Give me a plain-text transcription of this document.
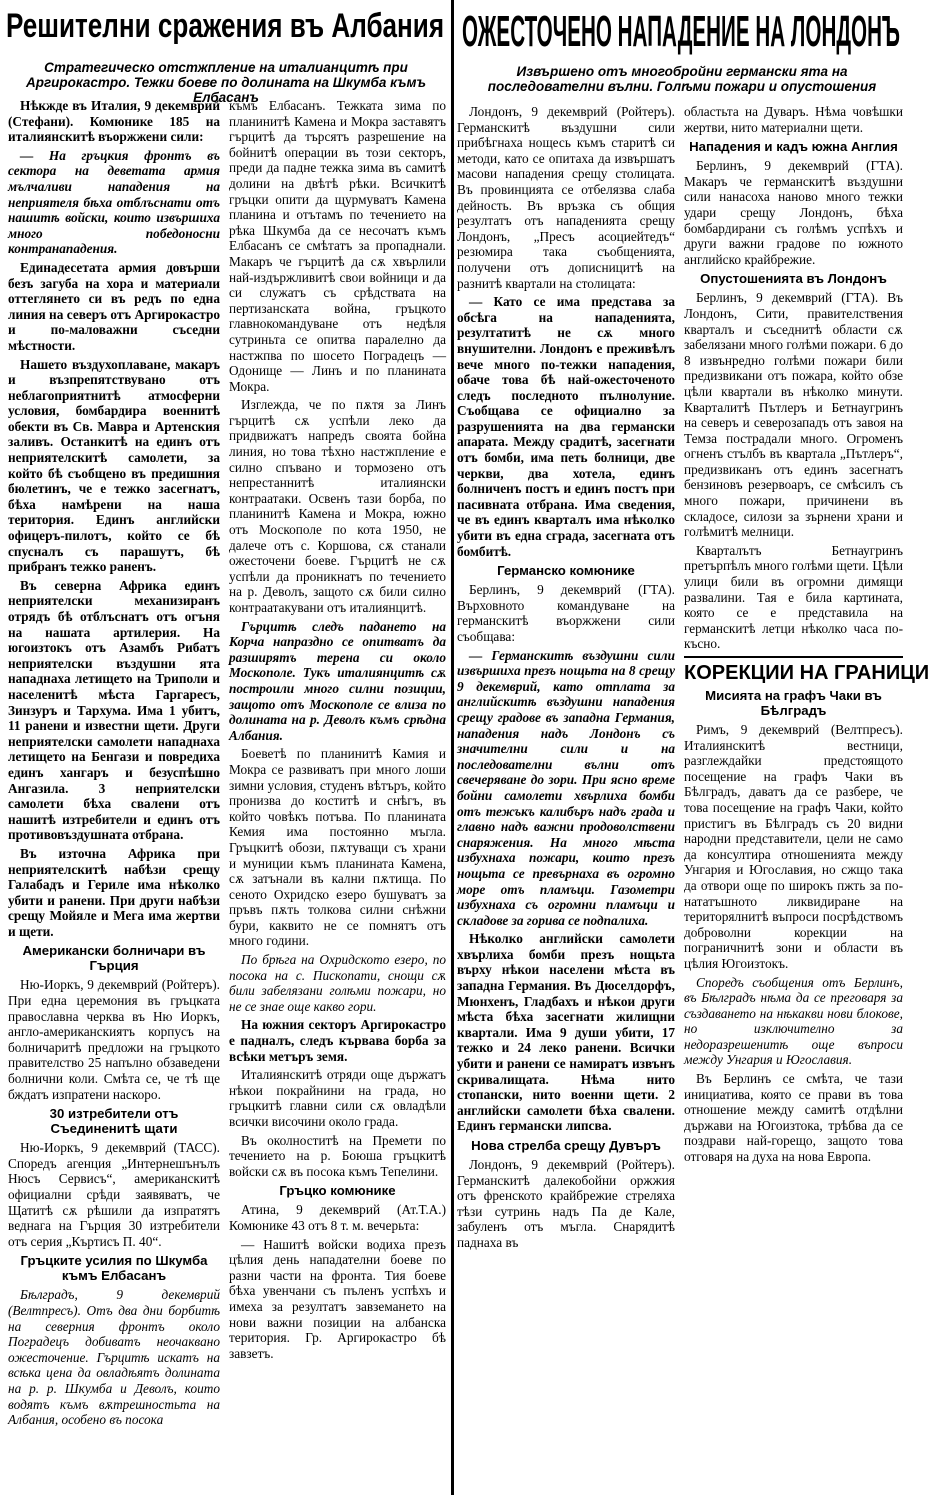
Решителни сражения въ Албания
Стратегическо отстжпление на италианцитѣ при Аргирокастро. Тежки боеве по долината на Шкумба къмъ Елбасанъ
ОЖЕСТОЧЕНО НАПАДЕНИЕ НА ЛОНДОНЪ
Извършено отъ многобройни германски ята на последователни вълни. Голѣми пожари и опустошения

Нѣкжде въ Италия, 9 декемврий (Стефани). Комюнике 185 на италиянскитѣ въоржжени сили:

— На гръцкия фронтъ въ сектора на деветата армия мълчаливи нападения на неприятеля бѣха отблъснати отъ нашитѣ войски, които извършиха много победоносни контранападения.

Единадесетата армия довърши безъ загуба на хора и материали оттеглянето си въ редъ по една линия на северъ отъ Аргирокастро и по-маловажни съседни мѣстности.

Нашето въздухоплаване, макаръ и възпрепятствувано отъ неблагоприятнитѣ атмосферни условия, бомбардира военнитѣ обекти въ Св. Мавра и Артенския заливъ. Останкитѣ на единъ отъ неприятелскитѣ самолети, за който бѣ съобщено въ предишния бюлетинъ, че е тежко засегнатъ, бѣха намѣрени на наша територия. Единъ английски офицеръ-пилотъ, който се бѣ спусналъ съ парашутъ, бѣ прибранъ тежко раненъ.

Въ северна Африка единъ неприятелски механизиранъ отрядъ бѣ отблъснатъ отъ огъня на нашата артилерия. На югоизтокъ отъ Азамбъ Рибатъ неприятелски въздушни ята нападнаха летището на Триполи и населенитѣ мѣста Гаргаресъ, Зинзуръ и Тархума. Има 1 убитъ, 11 ранени и известни щети. Други неприятелски самолети нападнаха летището на Бенгази и повредиха единъ хангаръ и безуспѣшно Ангазила. 3 неприятелски самолети бѣха свалени отъ нашитѣ изтребители и единъ отъ противовъздушната отбрана.

Въ източна Африка при неприятелскитѣ набѣзи срещу Галабадъ и Гериле има нѣколко убити и ранени. При други набѣзи срещу Мойяле и Мега има жертви и щети.

Американски болничари въ Гърция

Ню-Иоркъ, 9 декемврий (Ройтеръ). При една церемония въ гръцката православна черква въ Ню Иоркъ, англо-американскиятъ корпусъ на болничаритѣ предложи на гръцкото правителство 25 напълно обзаведени болнични коли. Смѣта се, че тѣ ще бждатъ изпратени наскоро.

30 изтребители отъ Съединенитѣ щати

Ню-Иоркъ, 9 декемврий (ТАСС). Споредъ агенция „Интернешънълъ Нюсъ Сервисъ“, американскитѣ официални срѣди заявяватъ, че Щатитѣ сѫ рѣшили да изпратятъ веднага на Гърция 30 изтребители отъ серия „Къртисъ П. 40“.

Гръцките усилия по Шкумба къмъ Елбасанъ

Бѣлградъ, 9 декемврий (Велтпресъ). Отъ два дни борбитѣ на северния фронтъ около Поградецъ добиватъ неочаквано ожесточение. Гърцитѣ искатъ на всѣка цена да овладѣятъ долината на р. р. Шкумба и Деволъ, които водятъ къмъ вѫтрешностьта на Албания, особено въ посока

къмъ Елбасанъ. Тежката зима по планинитѣ Камена и Мокра заставятъ гърцитѣ да търсятъ разрешение на бойнитѣ операции въ този секторъ, преди да падне тежка зима въ самитѣ долини на двѣтѣ рѣки. Всичкитѣ гръцки опити да щурмуватъ Камена планина и отътамъ по течението на рѣка Шкумба да се несочатъ къмъ Елбасанъ се смѣтатъ за пропаднали. Макаръ че гърцитѣ да сѫ хвърлили най-издържливитѣ свои войници и да си служатъ съ срѣдствата на пертизанската война, гръцкото главнокомандуване отъ недѣля сутриньта се опитва паралелно да настжпва по шосето Поградецъ — Одонище — Линъ и по планината Мокра.

Изглежда, че по пѫтя за Линъ гърцитѣ сѫ успѣли леко да придвижатъ напредъ своята бойна линия, но това тѣхно настжпление е силно спъвано и тормозено отъ непрестаннитѣ италиянски контраатаки. Освенъ тази борба, по планинитѣ Камена и Мокра, южно отъ Москополе по кота 1950, не далече отъ с. Коршова, сѫ станали ожесточени боеве. Гърцитѣ не сѫ успѣли да проникнатъ по течението на р. Деволъ, защото сѫ били силно контраатакувани отъ италиянцитѣ.

Гърцитѣ следъ падането на Корча напраздно се опитватъ да разширятъ терена си около Москополе. Тукъ италиянцитѣ сѫ построили много силни позиции, защото отъ Москополе се влиза по долината на р. Деволъ къмъ срѣдна Албания.

Боеветѣ по планинитѣ Камия и Мокра се развиватъ при много лоши зимни условия, студенъ вѣтъръ, който пронизва до коститѣ и снѣгъ, въ който човѣкъ потъва. По планината Кемия има постоянно мъгла. Гръцкитѣ обози, пѫтуващи съ храни и муниции къмъ планината Камена, сѫ затънали въ кални пѫтища. По сеното Охридско езеро бушуватъ за пръвъ пѫть толкова силни снѣжни бури, каквито не се помнятъ отъ много години.

По брѣга на Охридското езеро, по посока на с. Пископати, снощи сѫ били забелязани голѣми пожари, но не се знае още какво гори.

На южния секторъ Аргирокастро е падналъ, следъ кървава борба за всѣки метъръ земя.

Италиянскитѣ отряди още държатъ нѣкои покрайнини на града, но гръцкитѣ главни сили сѫ овладѣли всички височини около града.

Въ околноститѣ на Премети по течението на р. Боюша гръцкитѣ войски сѫ въ посока къмъ Тепелини.

Гръцко комюнике

Атина, 9 декемврий (Ат.Т.А.) Комюнике 43 отъ 8 т. м. вечерьта:

— Нашитѣ войски водиха презъ цѣлия день нападателни боеве по разни части на фронта. Тия боеве бѣха увенчани съ пъленъ успѣхъ и имеха за резултатъ завземането на нови важни позиции на албанска територия. Гр. Аргирокастро бѣ завзетъ.

Лондонъ, 9 декемврий (Ройтеръ). Германскитѣ въздушни сили прибѣгнаха нощесь къмъ старитѣ си методи, като се опитаха да извършатъ масови нападения срещу столицата. Въ провинцията се отбелязва слаба дейность. Въ връзка съ общия резултатъ отъ нападенията срещу Лондонъ, „Пресъ асоциейтедъ“ резюмира така съобщенията, получени отъ дописницитѣ на разнитѣ квартали на столицата:

— Като се има представа за обсѣга на нападенията, резултатитѣ не сѫ много внушителни. Лондонъ е преживѣлъ вече много по-тежки нападения, обаче това бѣ най-ожесточеното следъ последното пълнолуние. Съобщава се официално за разрушенията на два германски апарата. Между срадитѣ, засегнати отъ бомби, има петь болници, две черкви, два хотела, единъ болниченъ постъ и единъ постъ при пасивната отбрана. Има сведения, че въ единъ кварталъ има нѣколко убити въ една сграда, засегната отъ бомбитѣ.

Германско комюнике

Берлинъ, 9 декемврий (ГТА). Върховното командуване на германскитѣ въоржжени сили съобщава:

— Германскитѣ въздушни сили извършиха презъ нощьта на 8 срещу 9 декемврий, като отплата за английскитѣ въздушни нападения срещу градове въ западна Германия, нападения надъ Лондонъ съ значителни сили и на последователни вълни отъ свечеряване до зори. При ясно време бойни самолети хвърлиха бомби отъ тежъкъ калибъръ надъ града и главно надъ важни продоволствени снаряжения. На много мѣста избухнаха пожари, които презъ нощьта се превърнаха въ огромно море отъ пламъци. Газометри избухнаха съ огромни пламъци и складове за горива се подпалиха.

Нѣколко английски самолети хвърлиха бомби презъ нощьта върху нѣкои населени мѣста въ западна Германия. Въ Дюселдорфъ, Мюнхенъ, Гладбахъ и нѣкои други мѣста бѣха засегнати жилищни квартали. Има 9 души убити, 17 тежко и 24 леко ранени. Всички убити и ранени се намиратъ извънъ скривалищата. Нѣма нито стопански, нито военни щети. 2 английски самолети бѣха свалени. Единъ германски липсва.

Нова стрелба срещу Дувъръ

Лондонъ, 9 декемврий (Ройтеръ). Германскитѣ далекобойни оржжия отъ френското крайбрежие стреляха тѣзи сутринь надъ Па де Кале, забуленъ отъ мъгла. Снарядитѣ паднаха въ

областьта на Дуваръ. Нѣма човѣшки жертви, нито материални щети.

Нападения и кадъ южна Англия

Берлинъ, 9 декемврий (ГТА). Макаръ че германскитѣ въздушни сили нанасоха наново много тежки удари срещу Лондонъ, бѣха бомбардирани съ голѣмъ успѣхъ и други важни градове по южното английско крайбрежие.

Опустошенията въ Лондонъ

Берлинъ, 9 декемврий (ГТА). Въ Лондонъ, Сити, правителствения кварталъ и съседнитѣ области сѫ забелязани много голѣми пожари. 6 до 8 извънредно голѣми пожари били предизвикани отъ пожара, който обзе цѣли квартали въ нѣколко минути. Кварталитѣ Пътлеръ и Бетнаугринъ на северъ и северозападъ отъ завоя на Темза пострадали много. Огроменъ огненъ стълбъ въ квартала „Пътлеръ“, предизвиканъ отъ единъ засегнатъ бензиновъ резервоаръ, се смѣсилъ съ много пожари, причинени въ складосе, силози за зърнени храни и голѣмитѣ мелници.

Кварталътъ Бетнаугринъ претърпѣлъ много голѣми щети. Цѣли улици били въ огромни димящи развалини. Тая е била картината, която се е представила на германскитѣ летци нѣколко часа по-късно.

КОРЕКЦИИ НА ГРАНИЦИ
Мисията на графъ Чаки въ Бѣлградъ

Римъ, 9 декемврий (Велтпресъ). Италиянскитѣ вестници, разглеждайки предстоящото посещение на графъ Чаки въ Бѣлградъ, даватъ да се разбере, че това посещение на графъ Чаки, който пристигъ въ Бѣлградъ съ 20 видни народни представители, цели не само да консултира отношенията между Унгария и Югославия, но сжщо така да отвори още по широкъ пжть за по-нататъшното ликвидиране на територялнитѣ въпроси посрѣдствомъ доброволни корекции на пограничнитѣ зони и области въ цѣлия Югоизтокъ.

Споредъ съобщения отъ Берлинъ, въ Бѣлградъ нѣма да се преговаря за създаването на нѣкакви нови блокове, но изключително за недоразрешенитѣ още въпроси между Унгария и Югославия.

Въ Берлинъ се смѣта, че тази инициатива, която се прави въ това отношение между самитѣ отдѣлни държави на Югоизтока, трѣбва да се поздрави най-горещо, защото това отговаря на духа на нова Европа.
